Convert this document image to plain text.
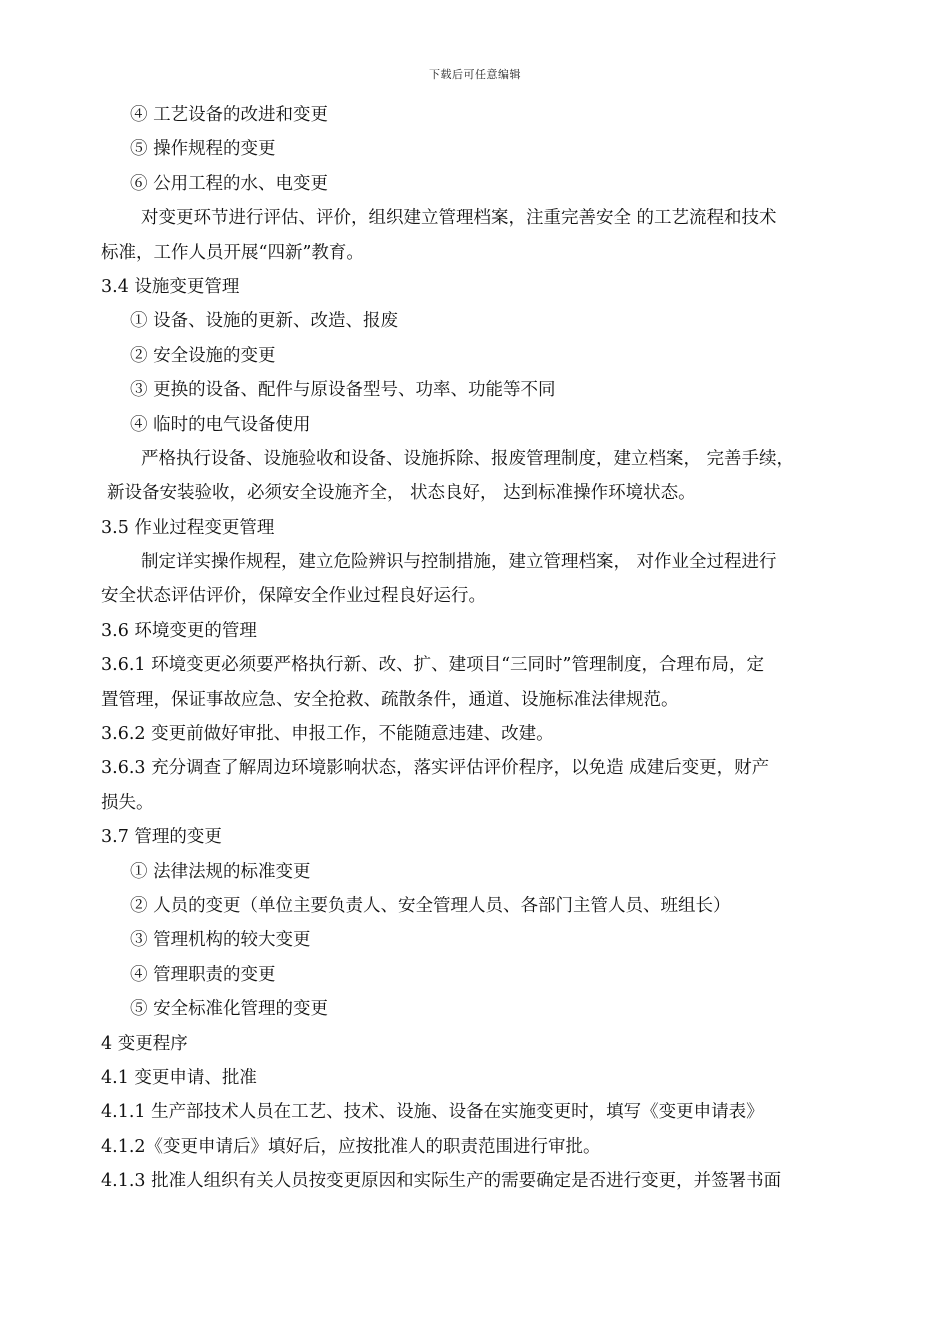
下载后可任意编辑
④ 工艺设备的改进和变更
⑤ 操作规程的变更
⑥ 公用工程的水、电变更
对变更环节进行评估、评价，组织建立管理档案，注重完善安全 的工艺流程和技术
标准，工作人员开展“四新”教育。
3.4 设施变更管理
① 设备、设施的更新、改造、报废
② 安全设施的变更
③ 更换的设备、配件与原设备型号、功率、功能等不同
④ 临时的电气设备使用
严格执行设备、设施验收和设备、设施拆除、报废管理制度，建立档案， 完善手续，
新设备安装验收，必须安全设施齐全， 状态良好， 达到标准操作环境状态。
3.5 作业过程变更管理
制定详实操作规程，建立危险辨识与控制措施，建立管理档案， 对作业全过程进行
安全状态评估评价，保障安全作业过程良好运行。
3.6 环境变更的管理
3.6.1 环境变更必须要严格执行新、改、扩、建项目“三同时”管理制度，合理布局，定
置管理，保证事故应急、安全抢救、疏散条件，通道、设施标准法律规范。
3.6.2 变更前做好审批、申报工作，不能随意违建、改建。
3.6.3 充分调查了解周边环境影响状态，落实评估评价程序，以免造 成建后变更，财产
损失。
3.7 管理的变更
① 法律法规的标准变更
② 人员的变更（单位主要负责人、安全管理人员、各部门主管人员、班组长）
③ 管理机构的较大变更
④ 管理职责的变更
⑤ 安全标准化管理的变更
4 变更程序
4.1 变更申请、批准
4.1.1 生产部技术人员在工艺、技术、设施、设备在实施变更时，填写《变更申请表》
4.1.2《变更申请后》填好后，应按批准人的职责范围进行审批。
4.1.3 批准人组织有关人员按变更原因和实际生产的需要确定是否进行变更，并签署书面
